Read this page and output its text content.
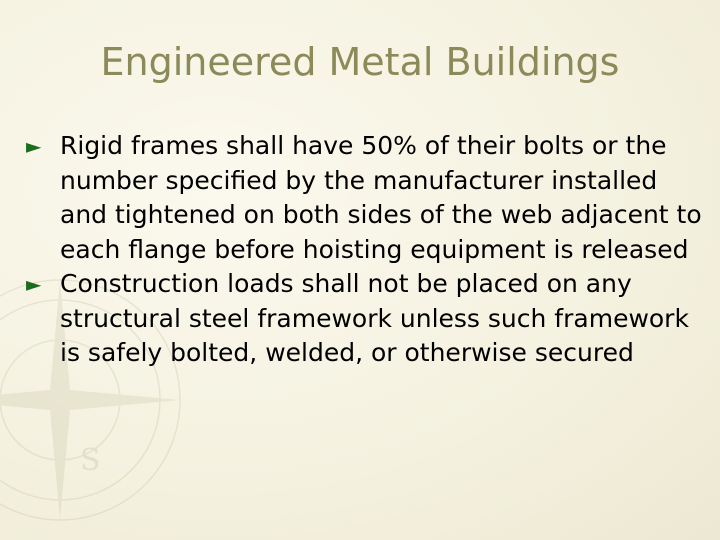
S
Engineered Metal Buildings
► Rigid frames shall have 50% of their bolts or the number specified by the manufacturer installed and tightened on both sides of the web adjacent to each flange before hoisting equipment is released
► Construction loads shall not be placed on any structural steel framework unless such framework is safely bolted, welded, or otherwise secured
